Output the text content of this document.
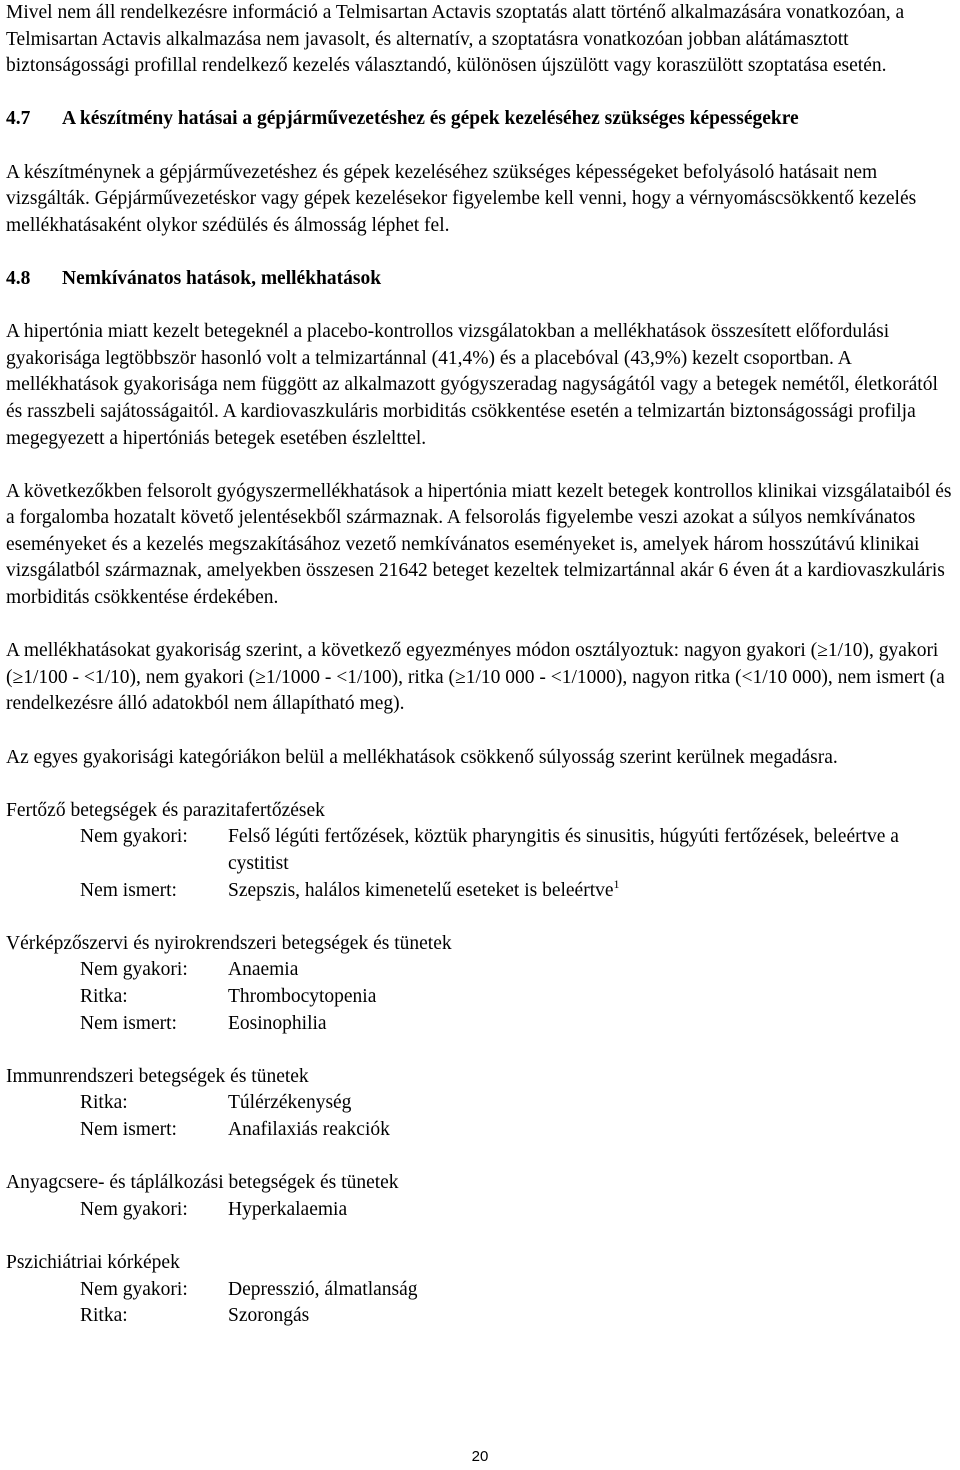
Mivel nem áll rendelkezésre információ a Telmisartan Actavis szoptatás alatt történő alkalmazására vonatkozóan, a Telmisartan Actavis alkalmazása nem javasolt, és alternatív, a szoptatásra vonatkozóan jobban alátámasztott biztonságossági profillal rendelkező kezelés választandó, különösen újszülött vagy koraszülött szoptatása esetén.

4.7 A készítmény hatásai a gépjárművezetéshez és gépek kezeléséhez szükséges képességekre

A készítménynek a gépjárművezetéshez és gépek kezeléséhez szükséges képességeket befolyásoló hatásait nem vizsgálták. Gépjárművezetéskor vagy gépek kezelésekor figyelembe kell venni, hogy a vérnyomáscsökkentő kezelés mellékhatásaként olykor szédülés és álmosság léphet fel.

4.8 Nemkívánatos hatások, mellékhatások

A hipertónia miatt kezelt betegeknél a placebo-kontrollos vizsgálatokban a mellékhatások összesített előfordulási gyakorisága legtöbbször hasonló volt a telmizartánnal (41,4%) és a placebóval (43,9%) kezelt csoportban. A mellékhatások gyakorisága nem függött az alkalmazott gyógyszeradag nagyságától vagy a betegek nemétől, életkorától és rasszbeli sajátosságaitól. A kardiovaszkuláris morbiditás csökkentése esetén a telmizartán biztonságossági profilja megegyezett a hipertóniás betegek esetében észlelttel.

A következőkben felsorolt gyógyszermellékhatások a hipertónia miatt kezelt betegek kontrollos klinikai vizsgálataiból és a forgalomba hozatalt követő jelentésekből származnak. A felsorolás figyelembe veszi azokat a súlyos nemkívánatos eseményeket és a kezelés megszakításához vezető nemkívánatos eseményeket is, amelyek három hosszútávú klinikai vizsgálatból származnak, amelyekben összesen 21642 beteget kezeltek telmizartánnal akár 6 éven át a kardiovaszkuláris morbiditás csökkentése érdekében.

A mellékhatásokat gyakoriság szerint, a következő egyezményes módon osztályoztuk: nagyon gyakori (≥1/10), gyakori (≥1/100 - <1/10), nem gyakori (≥1/1000 - <1/100), ritka (≥1/10 000 - <1/1000), nagyon ritka (<1/10 000), nem ismert (a rendelkezésre álló adatokból nem állapítható meg).

Az egyes gyakorisági kategóriákon belül a mellékhatások csökkenő súlyosság szerint kerülnek megadásra.

Fertőző betegségek és parazitafertőzések
Nem gyakori:	Felső légúti fertőzések, köztük pharyngitis és sinusitis, húgyúti fertőzések, beleértve a cystitist
Nem ismert:	Szepszis, halálos kimenetelű eseteket is beleértve$^1$
Vérképzőszervi és nyirokrendszeri betegségek és tünetek
Nem gyakori:	Anaemia
Ritka:	Thrombocytopenia
Nem ismert:	Eosinophilia
Immunrendszeri betegségek és tünetek
Ritka:	Túlérzékenység
Nem ismert:	Anafilaxiás reakciók
Anyagcsere- és táplálkozási betegségek és tünetek
Nem gyakori:	Hyperkalaemia
Pszichiátriai kórképek
Nem gyakori:	Depresszió, álmatlanság
Ritka:	Szorongás
20
